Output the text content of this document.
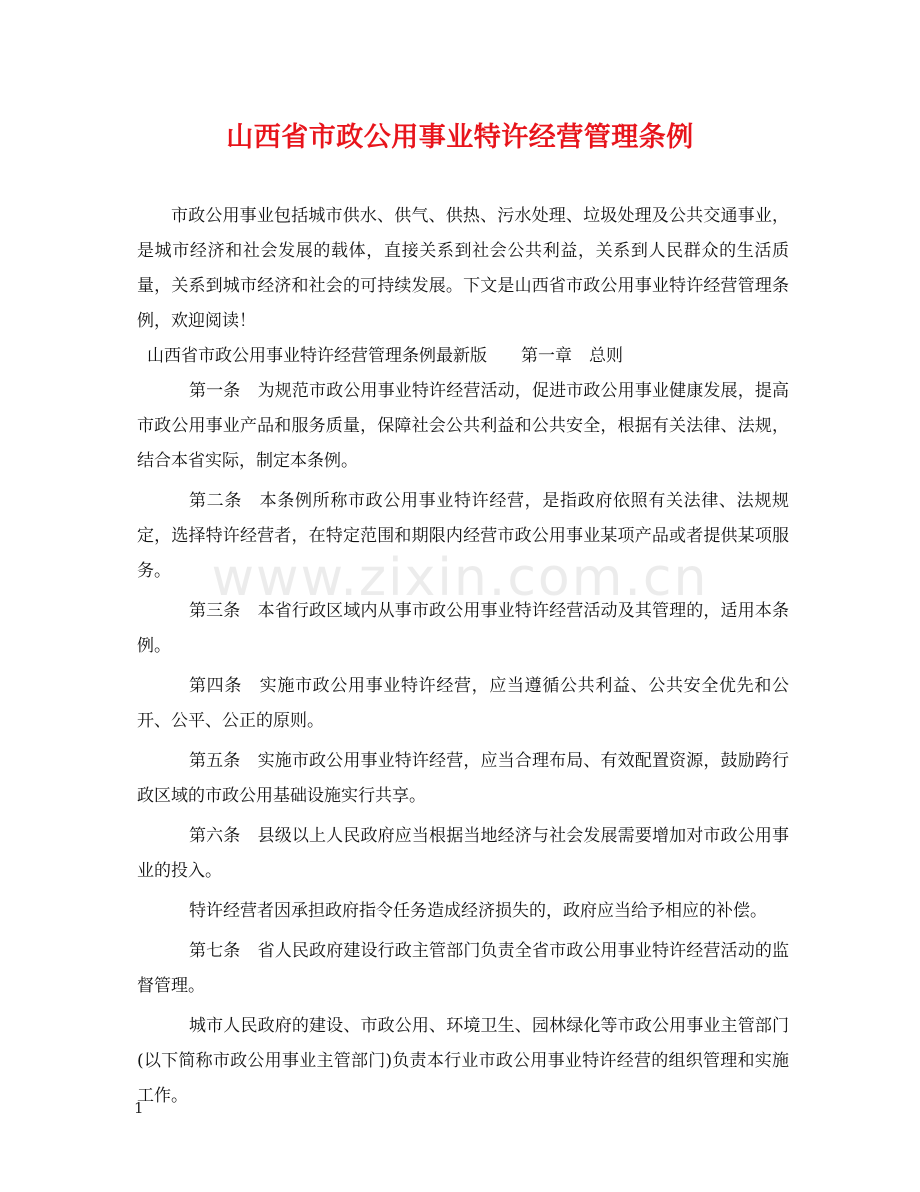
山西省市政公用事业特许经营管理条例

市政公用事业包括城市供水、供气、供热、污水处理、垃圾处理及公共交通事业，是城市经济和社会发展的载体，直接关系到社会公共利益，关系到人民群众的生活质量，关系到城市经济和社会的可持续发展。下文是山西省市政公用事业特许经营管理条例，欢迎阅读！

山西省市政公用事业特许经营管理条例最新版　　第一章　总则

第一条　为规范市政公用事业特许经营活动，促进市政公用事业健康发展，提高市政公用事业产品和服务质量，保障社会公共利益和公共安全，根据有关法律、法规，结合本省实际，制定本条例。

第二条　本条例所称市政公用事业特许经营，是指政府依照有关法律、法规规定，选择特许经营者，在特定范围和期限内经营市政公用事业某项产品或者提供某项服务。

第三条　本省行政区域内从事市政公用事业特许经营活动及其管理的，适用本条例。

第四条　实施市政公用事业特许经营，应当遵循公共利益、公共安全优先和公开、公平、公正的原则。

第五条　实施市政公用事业特许经营，应当合理布局、有效配置资源，鼓励跨行政区域的市政公用基础设施实行共享。

第六条　县级以上人民政府应当根据当地经济与社会发展需要增加对市政公用事业的投入。

特许经营者因承担政府指令任务造成经济损失的，政府应当给予相应的补偿。

第七条　省人民政府建设行政主管部门负责全省市政公用事业特许经营活动的监督管理。

城市人民政府的建设、市政公用、环境卫生、园林绿化等市政公用事业主管部门(以下简称市政公用事业主管部门)负责本行业市政公用事业特许经营的组织管理和实施工作。

www.zixin.com.cn
1
